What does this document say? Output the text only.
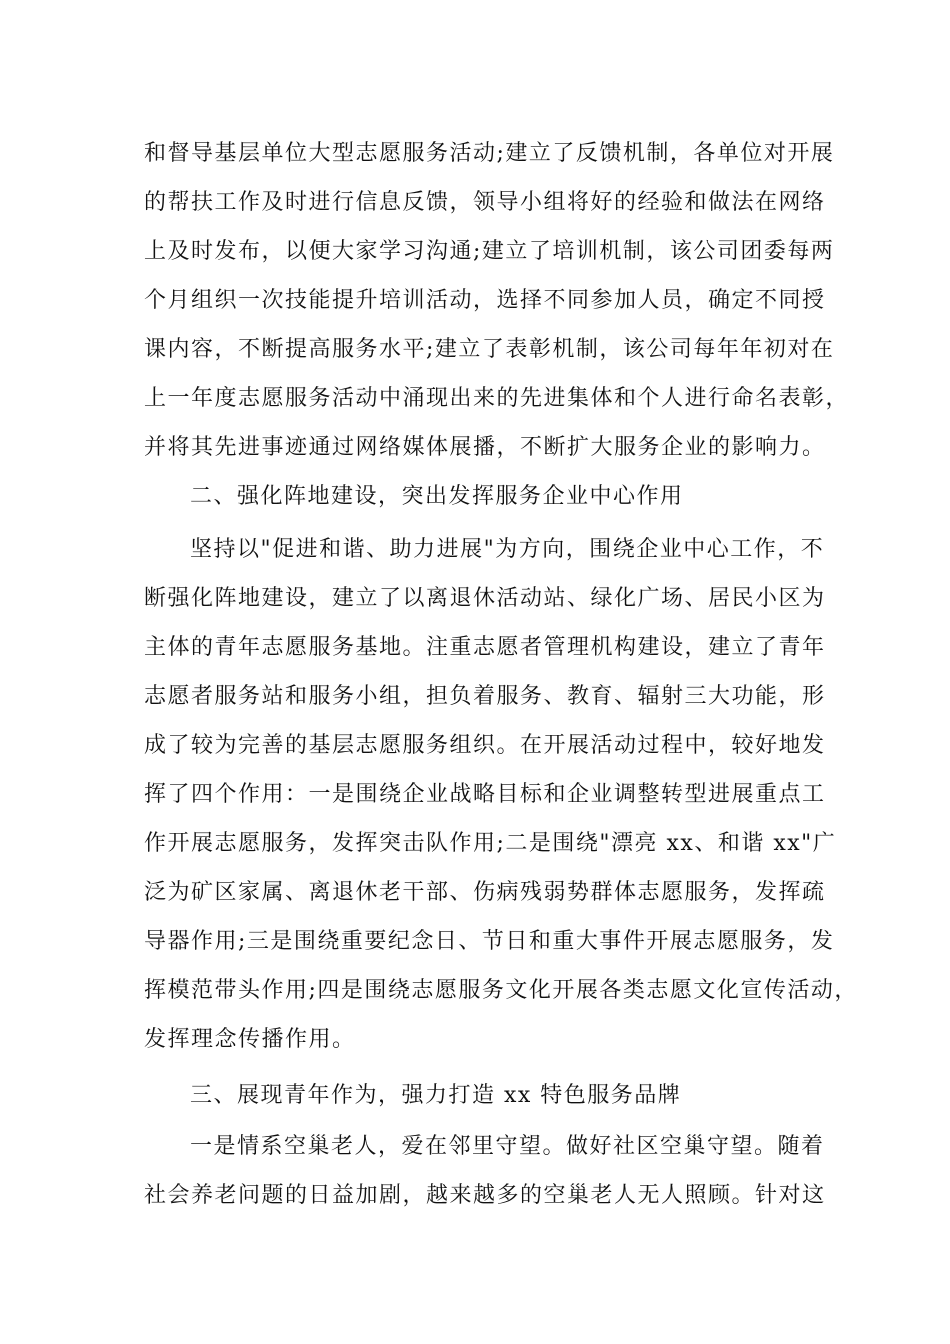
和督导基层单位大型志愿服务活动;建立了反馈机制，各单位对开展
的帮扶工作及时进行信息反馈，领导小组将好的经验和做法在网络
上及时发布，以便大家学习沟通;建立了培训机制，该公司团委每两
个月组织一次技能提升培训活动，选择不同参加人员，确定不同授
课内容，不断提高服务水平;建立了表彰机制，该公司每年年初对在
上一年度志愿服务活动中涌现出来的先进集体和个人进行命名表彰，
并将其先进事迹通过网络媒体展播，不断扩大服务企业的影响力。
二、强化阵地建设，突出发挥服务企业中心作用
坚持以"促进和谐、助力进展"为方向，围绕企业中心工作，不
断强化阵地建设，建立了以离退休活动站、绿化广场、居民小区为
主体的青年志愿服务基地。注重志愿者管理机构建设，建立了青年
志愿者服务站和服务小组，担负着服务、教育、辐射三大功能，形
成了较为完善的基层志愿服务组织。在开展活动过程中，较好地发
挥了四个作用：一是围绕企业战略目标和企业调整转型进展重点工
作开展志愿服务，发挥突击队作用;二是围绕"漂亮 xx、和谐 xx"广
泛为矿区家属、离退休老干部、伤病残弱势群体志愿服务，发挥疏
导器作用;三是围绕重要纪念日、节日和重大事件开展志愿服务，发
挥模范带头作用;四是围绕志愿服务文化开展各类志愿文化宣传活动，
发挥理念传播作用。
三、展现青年作为，强力打造 xx 特色服务品牌
一是情系空巢老人，爱在邻里守望。做好社区空巢守望。随着
社会养老问题的日益加剧，越来越多的空巢老人无人照顾。针对这
